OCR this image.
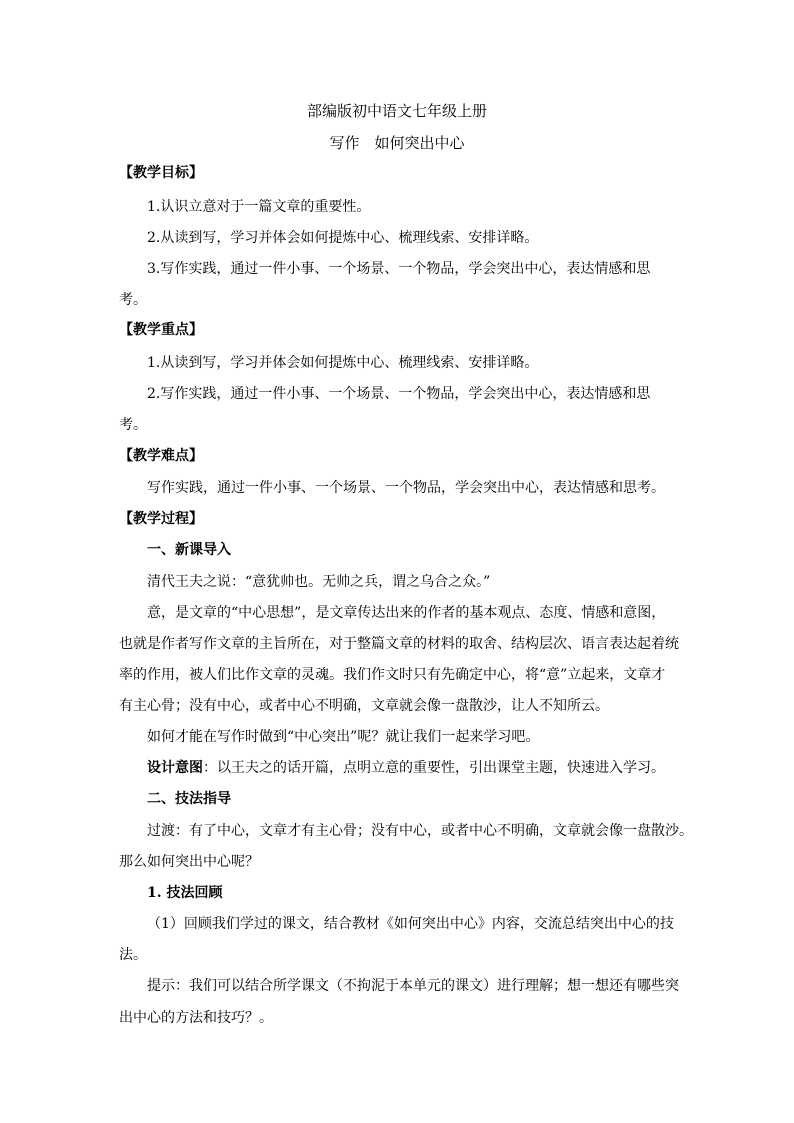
部编版初中语文七年级上册
写作　如何突出中心
【教学目标】
1.认识立意对于一篇文章的重要性。
2.从读到写，学习并体会如何提炼中心、梳理线索、安排详略。
3.写作实践，通过一件小事、一个场景、一个物品，学会突出中心，表达情感和思
考。
【教学重点】
1.从读到写，学习并体会如何提炼中心、梳理线索、安排详略。
2.写作实践，通过一件小事、一个场景、一个物品，学会突出中心，表达情感和思
考。
【教学难点】
写作实践，通过一件小事、一个场景、一个物品，学会突出中心，表达情感和思考。
【教学过程】
一、新课导入
清代王夫之说：“意犹帅也。无帅之兵，谓之乌合之众。”
意，是文章的“中心思想”，是文章传达出来的作者的基本观点、态度、情感和意图，
也就是作者写作文章的主旨所在，对于整篇文章的材料的取舍、结构层次、语言表达起着统
率的作用，被人们比作文章的灵魂。我们作文时只有先确定中心，将“意”立起来，文章才
有主心骨；没有中心，或者中心不明确，文章就会像一盘散沙，让人不知所云。
如何才能在写作时做到“中心突出”呢？就让我们一起来学习吧。
设计意图：以王夫之的话开篇，点明立意的重要性，引出课堂主题，快速进入学习。
二、技法指导
过渡：有了中心，文章才有主心骨；没有中心，或者中心不明确，文章就会像一盘散沙。
那么如何突出中心呢？
1. 技法回顾
（1）回顾我们学过的课文，结合教材《如何突出中心》内容，交流总结突出中心的技
法。
提示：我们可以结合所学课文（不拘泥于本单元的课文）进行理解；想一想还有哪些突
出中心的方法和技巧？。
